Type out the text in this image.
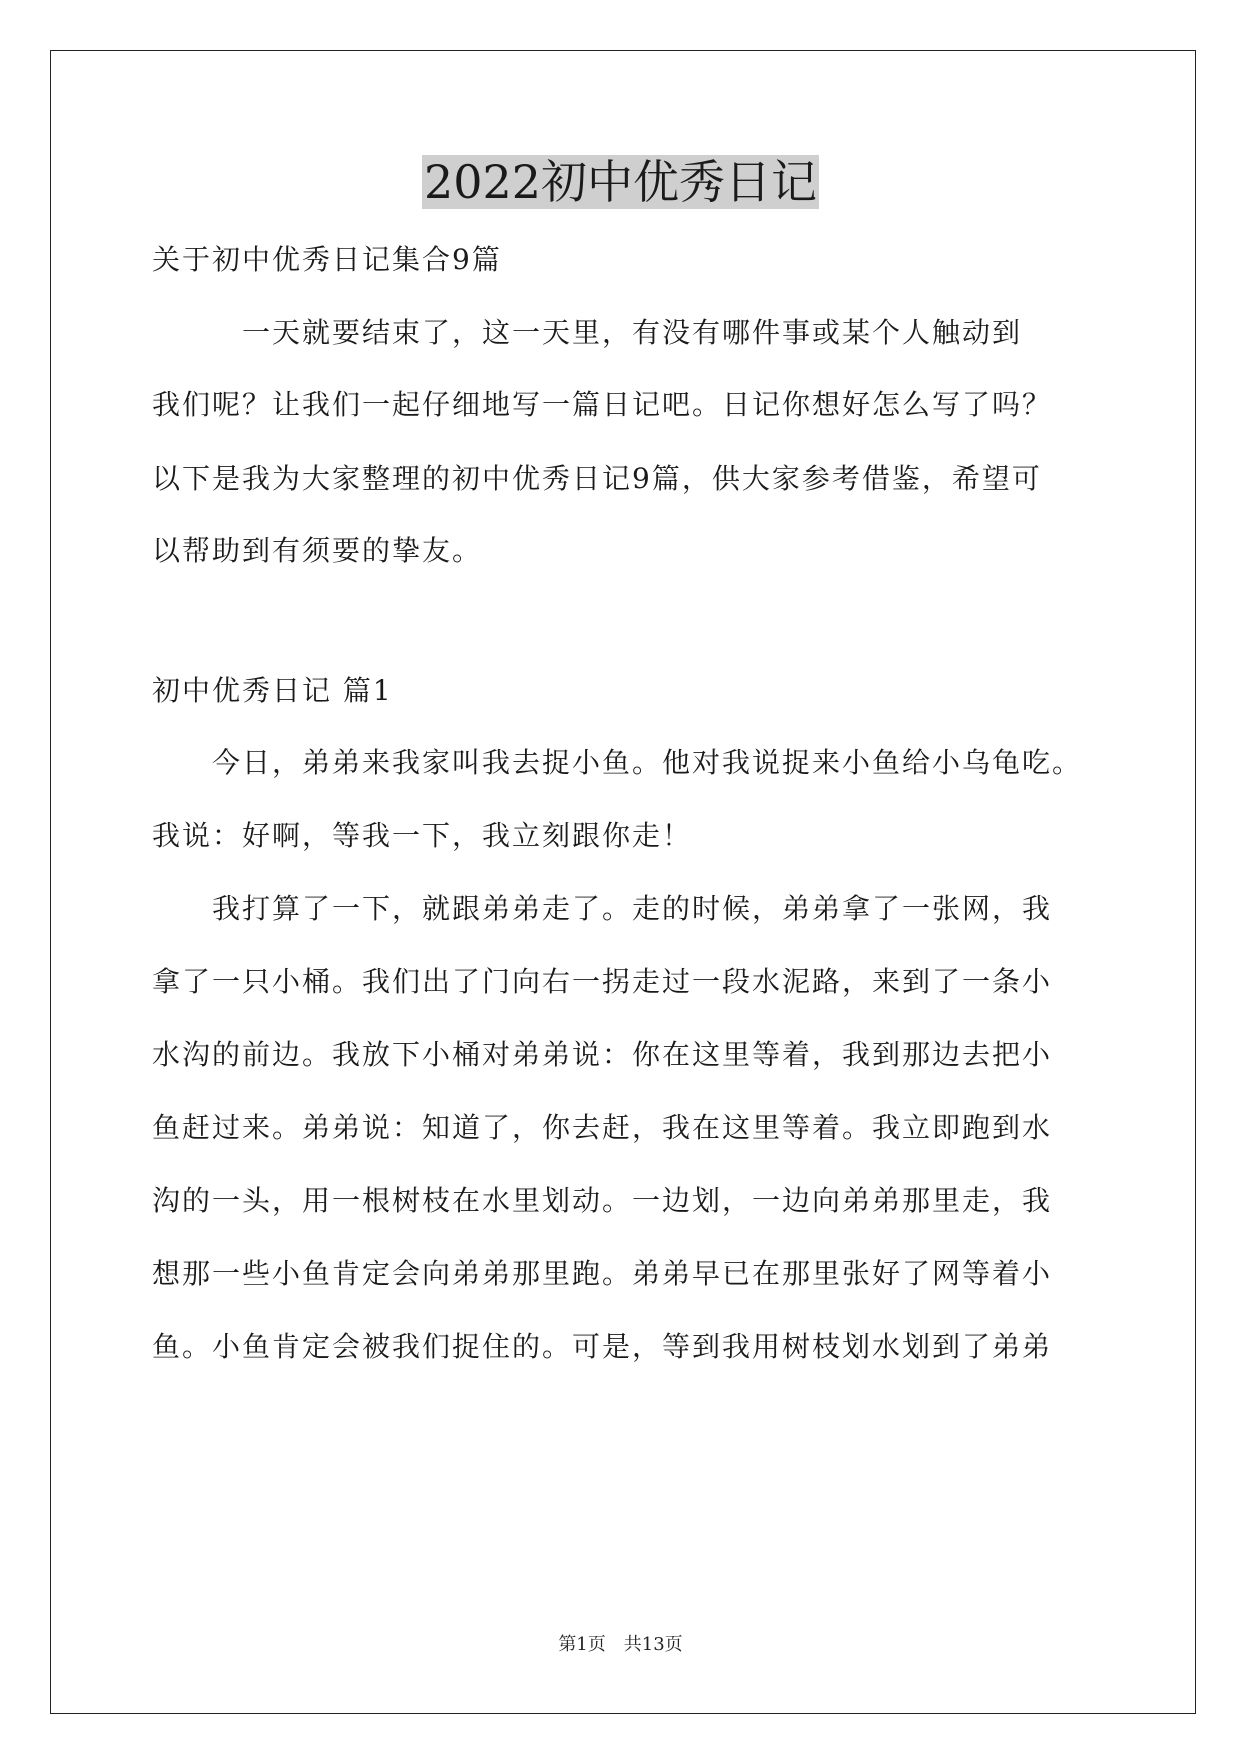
2022初中优秀日记
关于初中优秀日记集合9篇
　　　一天就要结束了，这一天里，有没有哪件事或某个人触动到
我们呢？让我们一起仔细地写一篇日记吧。日记你想好怎么写了吗？
以下是我为大家整理的初中优秀日记9篇，供大家参考借鉴，希望可
以帮助到有须要的挚友。
初中优秀日记 篇1
　　今日，弟弟来我家叫我去捉小鱼。他对我说捉来小鱼给小乌龟吃。
我说：好啊，等我一下，我立刻跟你走！
　　我打算了一下，就跟弟弟走了。走的时候，弟弟拿了一张网，我
拿了一只小桶。我们出了门向右一拐走过一段水泥路，来到了一条小
水沟的前边。我放下小桶对弟弟说：你在这里等着，我到那边去把小
鱼赶过来。弟弟说：知道了，你去赶，我在这里等着。我立即跑到水
沟的一头，用一根树枝在水里划动。一边划，一边向弟弟那里走，我
想那一些小鱼肯定会向弟弟那里跑。弟弟早已在那里张好了网等着小
鱼。小鱼肯定会被我们捉住的。可是，等到我用树枝划水划到了弟弟
第1页　共13页
